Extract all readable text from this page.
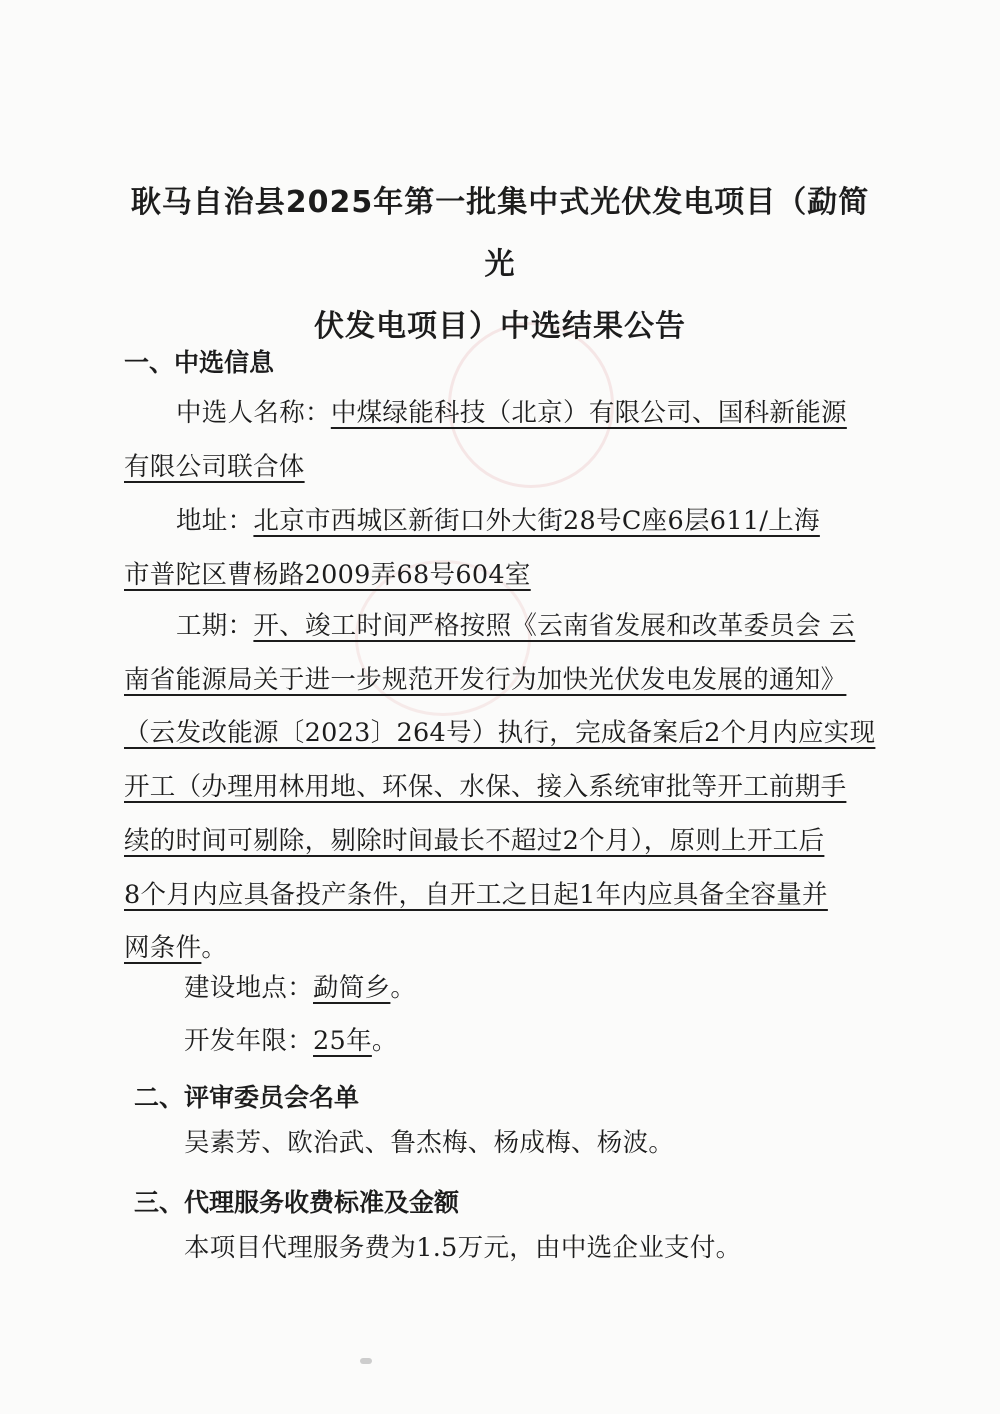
耿马自治县2025年第一批集中式光伏发电项目（勐简光
伏发电项目）中选结果公告
一、中选信息
中选人名称：中煤绿能科技（北京）有限公司、国科新能源
有限公司联合体
地址：北京市西城区新街口外大街28号C座6层611/上海
市普陀区曹杨路2009弄68号604室
工期：开、竣工时间严格按照《云南省发展和改革委员会 云
南省能源局关于进一步规范开发行为加快光伏发电发展的通知》
（云发改能源〔2023〕264号）执行，完成备案后2个月内应实现
开工（办理用林用地、环保、水保、接入系统审批等开工前期手
续的时间可剔除，剔除时间最长不超过2个月），原则上开工后
8个月内应具备投产条件，自开工之日起1年内应具备全容量并
网条件。
建设地点：勐简乡。
开发年限：25年。
二、评审委员会名单
吴素芳、欧治武、鲁杰梅、杨成梅、杨波。
三、代理服务收费标准及金额
本项目代理服务费为1.5万元，由中选企业支付。
